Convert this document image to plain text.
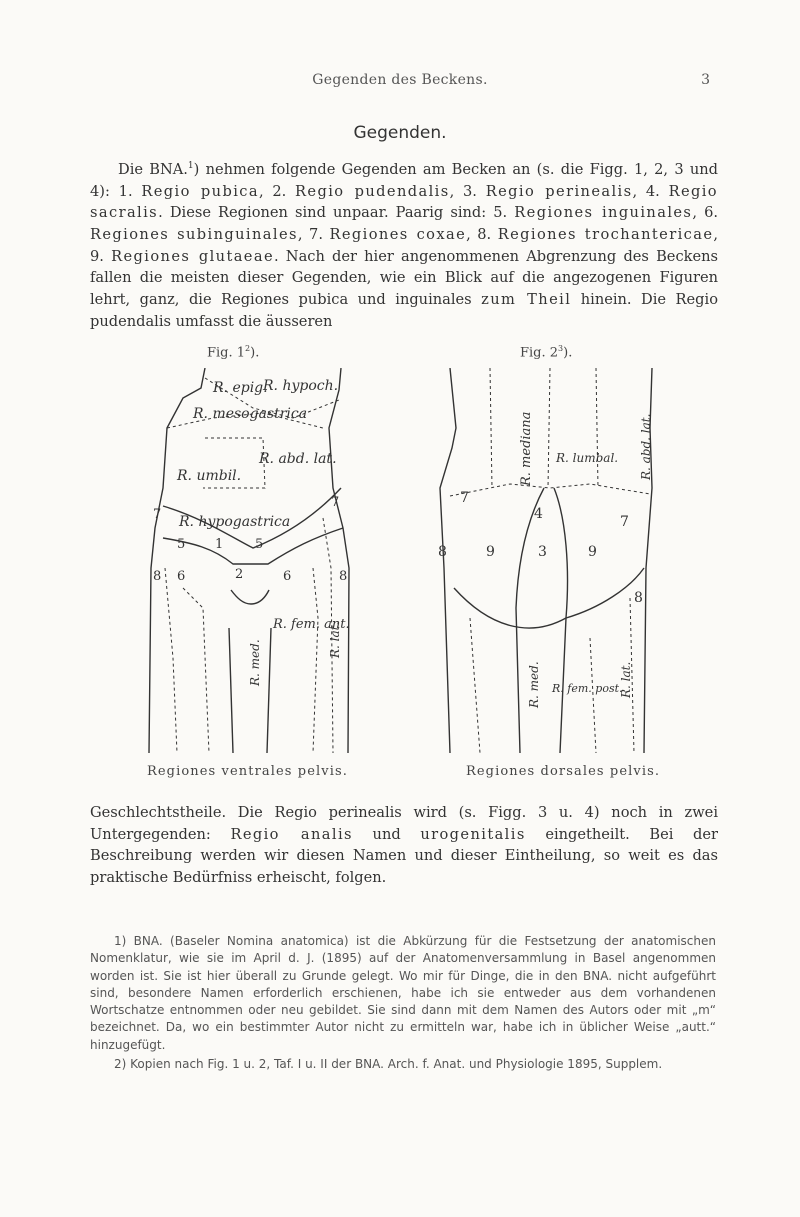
Gegenden des Beckens.	3
Gegenden.

Die BNA.$^1$) nehmen folgende Gegenden am Becken an (s. die Figg. 1, 2, 3 und 4): 1. Regio pubica, 2. Regio pudendalis, 3. Regio perinealis, 4. Regio sacralis. Diese Regionen sind unpaar. Paarig sind: 5. Regiones inguinales, 6. Regiones subinguinales, 7. Regiones coxae, 8. Regiones trochantericae, 9. Regiones glutaeae. Nach der hier angenommenen Abgrenzung des Beckens fallen die meisten dieser Gegenden, wie ein Blick auf die angezogenen Figuren lehrt, ganz, die Regiones pubica und inguinales zum Theil hinein. Die Regio pudendalis umfasst die äusseren

Fig. $1^2$).	Fig. $2^3$).
R. epig.
R. hypoch.
R. mesogastrica
R. abd. lat.
R. umbil.
R. hypogastrica
R. fem. ant.
R. med.	R. lat.
7
7
5 1 5
8	8
6	2	6
R. mediana R. lumbal. R. abd. lat.
R. fem. post.
R. med.	R. lat.
7
4	7
8	9	3	9
8
Regiones ventrales pelvis.	Regiones dorsales pelvis.

Geschlechtstheile. Die Regio perinealis wird (s. Figg. 3 u. 4) noch in zwei Untergegenden: Regio analis und urogenitalis eingetheilt. Bei der Beschreibung werden wir diesen Namen und dieser Eintheilung, so weit es das praktische Bedürfniss erheischt, folgen.

1) BNA. (Baseler Nomina anatomica) ist die Abkürzung für die Festsetzung der anatomischen Nomenklatur, wie sie im April d. J. (1895) auf der Anatomenversammlung in Basel angenommen worden ist. Sie ist hier überall zu Grunde gelegt. Wo mir für Dinge, die in den BNA. nicht aufgeführt sind, besondere Namen erforderlich erschienen, habe ich sie entweder aus dem vorhandenen Wortschatze entnommen oder neu gebildet. Sie sind dann mit dem Namen des Autors oder mit „m“ bezeichnet. Da, wo ein bestimmter Autor nicht zu ermitteln war, habe ich in üblicher Weise „autt.“ hinzugefügt.

2) Kopien nach Fig. 1 u. 2, Taf. I u. II der BNA. Arch. f. Anat. und Physiologie 1895, Supplem.
